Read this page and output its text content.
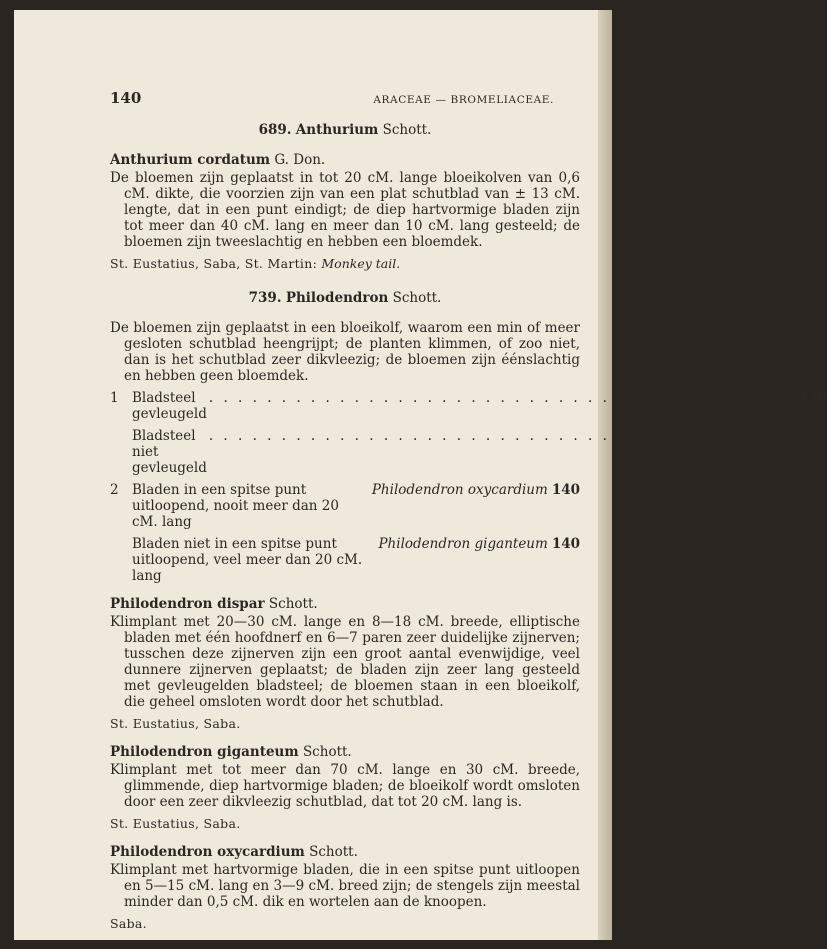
140	ARACEAE — BROMELIACEAE.
689. Anthurium Schott.
Anthurium cordatum G. Don.

De bloemen zijn geplaatst in tot 20 cM. lange bloeikolven van 0,6 cM. dikte, die voorzien zijn van een plat schutblad van ± 13 cM. lengte, dat in een punt eindigt; de diep hartvormige bladen zijn tot meer dan 40 cM. lang en meer dan 10 cM. lang gesteeld; de bloemen zijn tweeslachtig en hebben een bloemdek.

St. Eustatius, Saba, St. Martin: Monkey tail.
739. Philodendron Schott.

De bloemen zijn geplaatst in een bloeikolf, waarom een min of meer gesloten schutblad heengrijpt; de planten klimmen, of zoo niet, dan is het schutblad zeer dikvleezig; de bloemen zijn éénslachtig en hebben geen bloemdek.

1 Bladsteel gevleugeld
. . . . . . . . . . . . . . . . . . . . . . . . . . . . . . . Philodendron dispar 140
Bladsteel niet gevleugeld
. . . . . . . . . . . . . . . . . . . . . . . . . . . . . . . 2
2 Bladen in een spitse punt uitloopend, nooit meer dan 20 cM. lang
Philodendron oxycardium 140
Bladen niet in een spitse punt uitloopend, veel meer dan 20 cM. lang
Philodendron giganteum 140
Philodendron dispar Schott.

Klimplant met 20—30 cM. lange en 8—18 cM. breede, elliptische bladen met één hoofdnerf en 6—7 paren zeer duidelijke zijnerven; tusschen deze zijnerven zijn een groot aantal evenwijdige, veel dunnere zijnerven geplaatst; de bladen zijn zeer lang gesteeld met gevleugelden bladsteel; de bloemen staan in een bloeikolf, die geheel omsloten wordt door het schutblad.

St. Eustatius, Saba.
Philodendron giganteum Schott.

Klimplant met tot meer dan 70 cM. lange en 30 cM. breede, glimmende, diep hartvormige bladen; de bloeikolf wordt omsloten door een zeer dikvleezig schutblad, dat tot 20 cM. lang is.

St. Eustatius, Saba.
Philodendron oxycardium Schott.

Klimplant met hartvormige bladen, die in een spitse punt uitloopen en 5—15 cM. lang en 3—9 cM. breed zijn; de stengels zijn meestal minder dan 0,5 cM. dik en wortelen aan de knoopen.

Saba.
